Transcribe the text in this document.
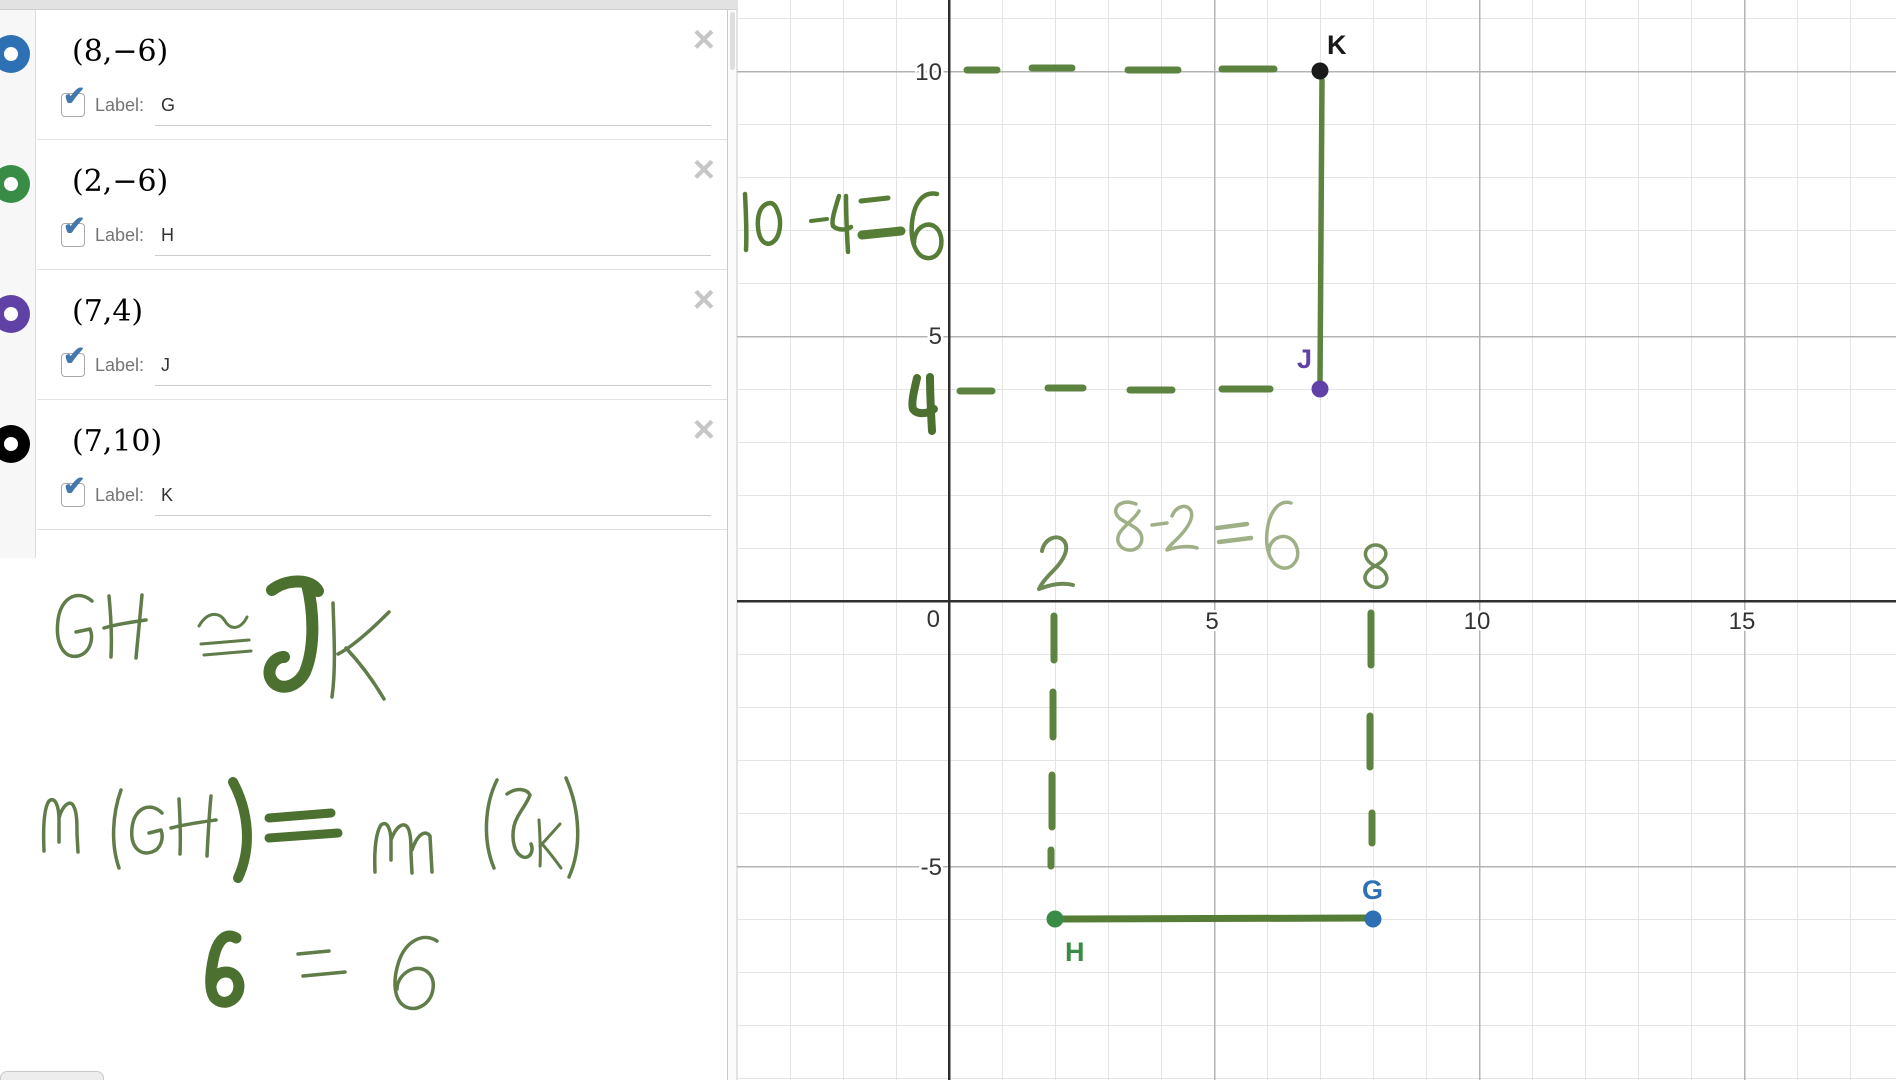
0	5	10	15
10
5
-5
K
J
G
H
×
(8,−6)
✔ Label: G
×
(2,−6)
✔ Label: H
×
(7,4)
✔ Label: J
×
(7,10)
✔ Label: K
